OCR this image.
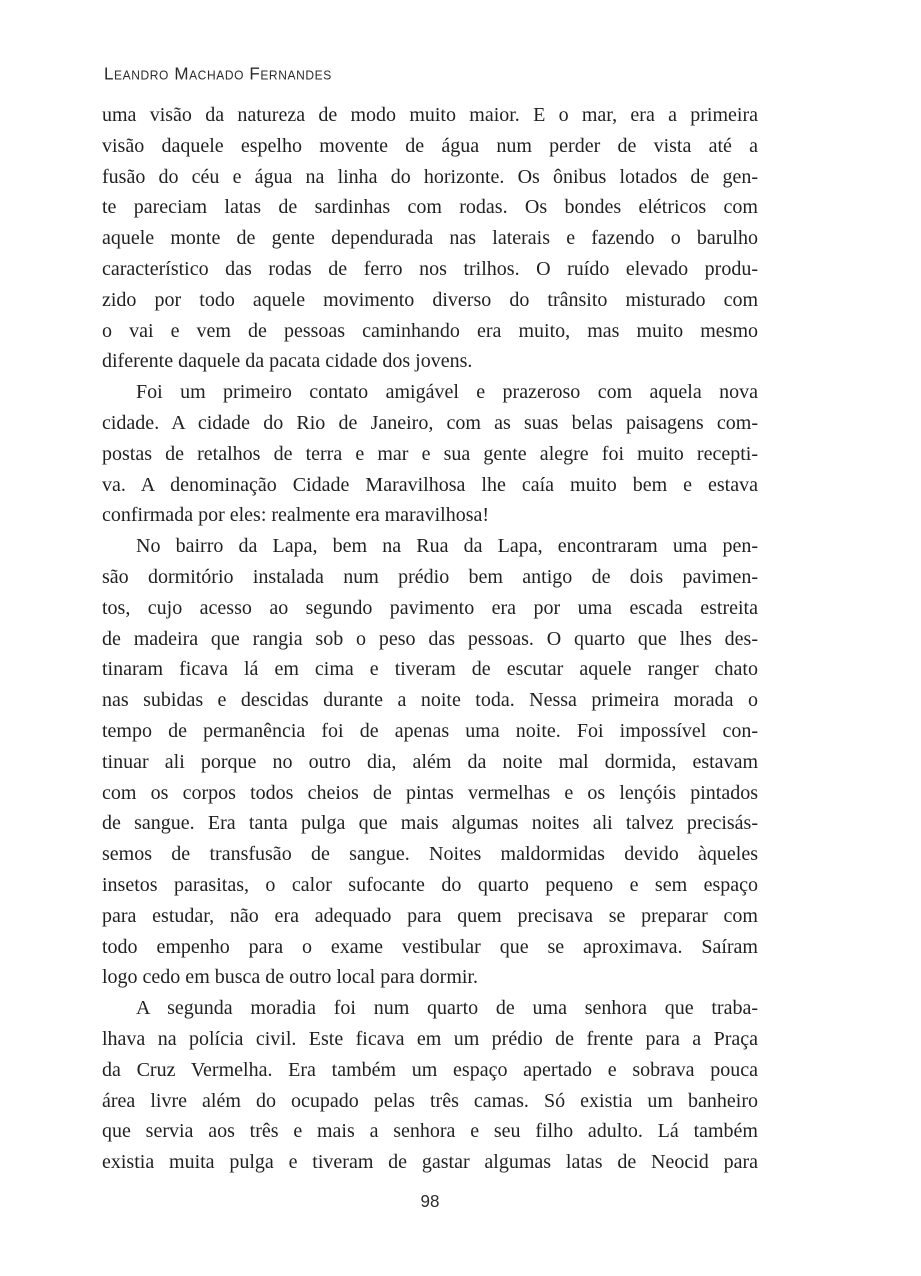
Leandro Machado Fernandes
uma visão da natureza de modo muito maior. E o mar, era a primeira
visão daquele espelho movente de água num perder de vista até a
fusão do céu e água na linha do horizonte. Os ônibus lotados de gen-
te pareciam latas de sardinhas com rodas. Os bondes elétricos com
aquele monte de gente dependurada nas laterais e fazendo o barulho
característico das rodas de ferro nos trilhos. O ruído elevado produ-
zido por todo aquele movimento diverso do trânsito misturado com
o vai e vem de pessoas caminhando era muito, mas muito mesmo
diferente daquele da pacata cidade dos jovens.
Foi um primeiro contato amigável e prazeroso com aquela nova
cidade. A cidade do Rio de Janeiro, com as suas belas paisagens com-
postas de retalhos de terra e mar e sua gente alegre foi muito recepti-
va. A denominação Cidade Maravilhosa lhe caía muito bem e estava
confirmada por eles: realmente era maravilhosa!
No bairro da Lapa, bem na Rua da Lapa, encontraram uma pen-
são dormitório instalada num prédio bem antigo de dois pavimen-
tos, cujo acesso ao segundo pavimento era por uma escada estreita
de madeira que rangia sob o peso das pessoas. O quarto que lhes des-
tinaram ficava lá em cima e tiveram de escutar aquele ranger chato
nas subidas e descidas durante a noite toda. Nessa primeira morada o
tempo de permanência foi de apenas uma noite. Foi impossível con-
tinuar ali porque no outro dia, além da noite mal dormida, estavam
com os corpos todos cheios de pintas vermelhas e os lençóis pintados
de sangue. Era tanta pulga que mais algumas noites ali talvez precisás-
semos de transfusão de sangue. Noites maldormidas devido àqueles
insetos parasitas, o calor sufocante do quarto pequeno e sem espaço
para estudar, não era adequado para quem precisava se preparar com
todo empenho para o exame vestibular que se aproximava. Saíram
logo cedo em busca de outro local para dormir.
A segunda moradia foi num quarto de uma senhora que traba-
lhava na polícia civil. Este ficava em um prédio de frente para a Praça
da Cruz Vermelha. Era também um espaço apertado e sobrava pouca
área livre além do ocupado pelas três camas. Só existia um banheiro
que servia aos três e mais a senhora e seu filho adulto. Lá também
existia muita pulga e tiveram de gastar algumas latas de Neocid para
98
